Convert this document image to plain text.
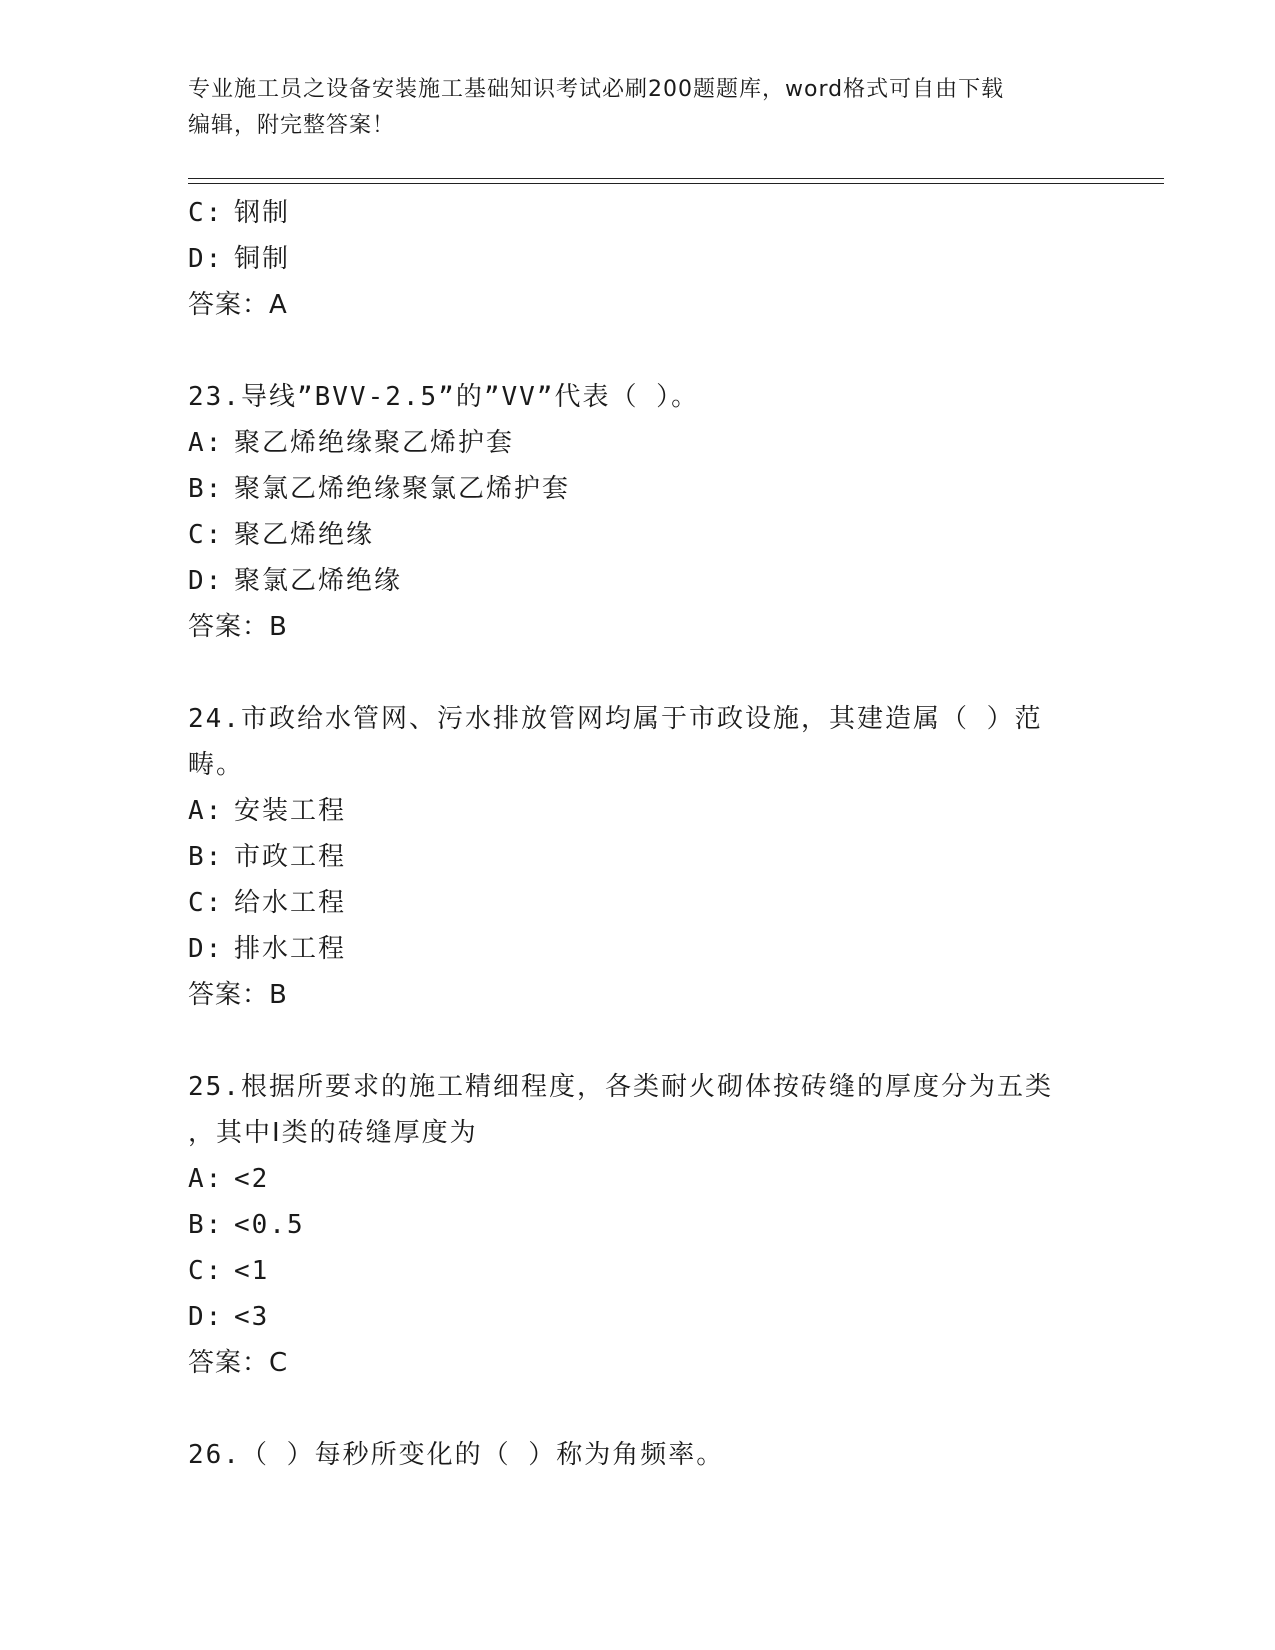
专业施工员之设备安装施工基础知识考试必刷200题题库，word格式可自由下载
编辑，附完整答案！
C: 钢制
D: 铜制
答案：A
23.导线”BVV-2.5”的”VV”代表（ ）。
A: 聚乙烯绝缘聚乙烯护套
B: 聚氯乙烯绝缘聚氯乙烯护套
C: 聚乙烯绝缘
D: 聚氯乙烯绝缘
答案：B
24.市政给水管网、污水排放管网均属于市政设施，其建造属（ ）范
畴。
A: 安装工程
B: 市政工程
C: 给水工程
D: 排水工程
答案：B
25.根据所要求的施工精细程度，各类耐火砌体按砖缝的厚度分为五类
，其中Ⅰ类的砖缝厚度为
A: <2
B: <0.5
C: <1
D: <3
答案：C
26.（ ）每秒所变化的（ ）称为角频率。
